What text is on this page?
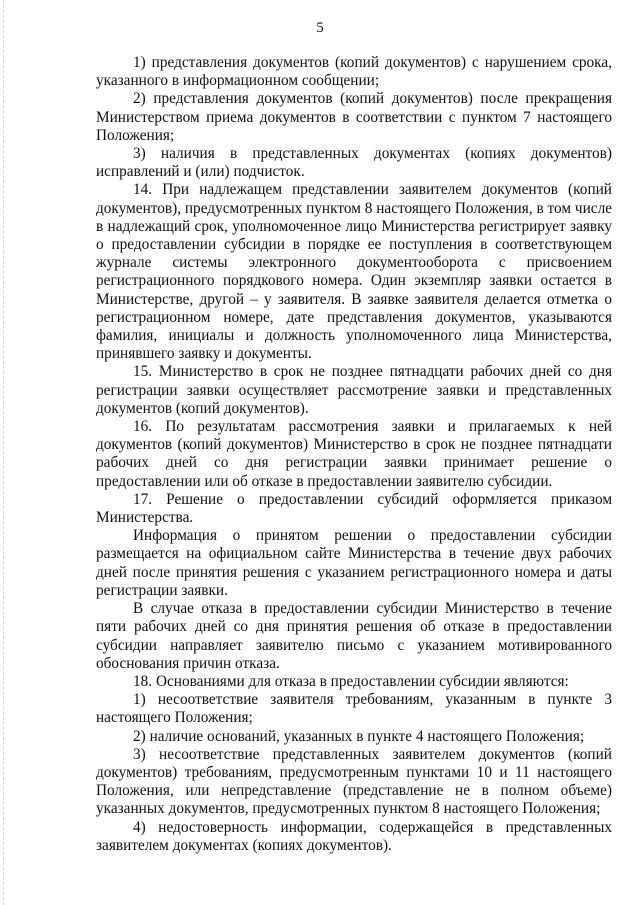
5

1) представления документов (копий документов) с нарушением срока, указанного в информационном сообщении;

2) представления документов (копий документов) после прекращения Министерством приема документов в соответствии с пунктом 7 настоящего Положения;

3) наличия в представленных документах (копиях документов) исправлений и (или) подчисток.

14. При надлежащем представлении заявителем документов (копий документов), предусмотренных пунктом 8 настоящего Положения, в том числе в надлежащий срок, уполномоченное лицо Министерства регистрирует заявку о предоставлении субсидии в порядке ее поступления в соответствующем журнале системы электронного документооборота с присвоением регистрационного порядкового номера. Один экземпляр заявки остается в Министерстве, другой – у заявителя. В заявке заявителя делается отметка о регистрационном номере, дате представления документов, указываются фамилия, инициалы и должность уполномоченного лица Министерства, принявшего заявку и документы.

15. Министерство в срок не позднее пятнадцати рабочих дней со дня регистрации заявки осуществляет рассмотрение заявки и представленных документов (копий документов).

16. По результатам рассмотрения заявки и прилагаемых к ней документов (копий документов) Министерство в срок не позднее пятнадцати рабочих дней со дня регистрации заявки принимает решение о предоставлении или об отказе в предоставлении заявителю субсидии.

17. Решение о предоставлении субсидий оформляется приказом Министерства.

Информация о принятом решении о предоставлении субсидии размещается на официальном сайте Министерства в течение двух рабочих дней после принятия решения с указанием регистрационного номера и даты регистрации заявки.

В случае отказа в предоставлении субсидии Министерство в течение пяти рабочих дней со дня принятия решения об отказе в предоставлении субсидии направляет заявителю письмо с указанием мотивированного обоснования причин отказа.

18. Основаниями для отказа в предоставлении субсидии являются:

1) несоответствие заявителя требованиям, указанным в пункте 3 настоящего Положения;

2) наличие оснований, указанных в пункте 4 настоящего Положения;

3) несоответствие представленных заявителем документов (копий документов) требованиям, предусмотренным пунктами 10 и 11 настоящего Положения, или непредставление (представление не в полном объеме) указанных документов, предусмотренных пунктом 8 настоящего Положения;

4) недостоверность информации, содержащейся в представленных заявителем документах (копиях документов).
